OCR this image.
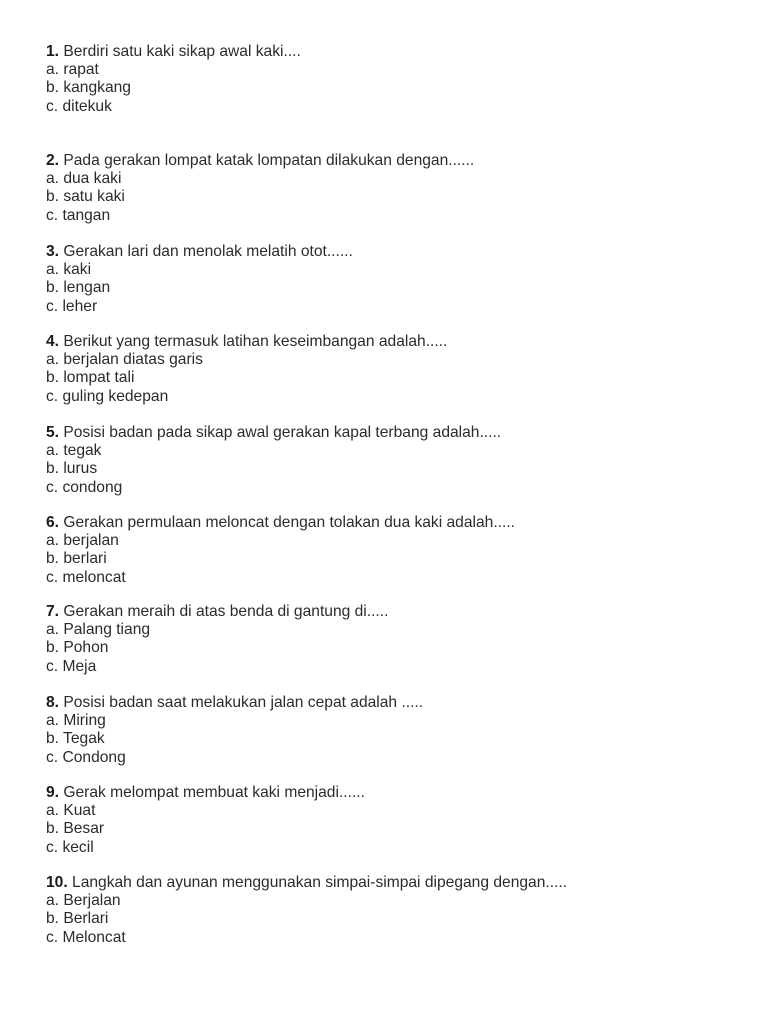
1. Berdiri satu kaki sikap awal kaki....
a. rapat
b. kangkang
c. ditekuk
2. Pada gerakan lompat katak lompatan dilakukan dengan......
a. dua kaki
b. satu kaki
c. tangan
3. Gerakan lari dan menolak melatih otot......
a. kaki
b. lengan
c. leher
4. Berikut yang termasuk latihan keseimbangan adalah.....
a. berjalan diatas garis
b. lompat tali
c. guling kedepan
5. Posisi badan pada sikap awal gerakan kapal terbang adalah.....
a. tegak
b. lurus
c. condong
6. Gerakan permulaan meloncat dengan tolakan dua kaki adalah.....
a. berjalan
b. berlari
c. meloncat
7. Gerakan meraih di atas benda di gantung di.....
a. Palang tiang
b. Pohon
c. Meja
8. Posisi badan saat melakukan jalan cepat adalah .....
a. Miring
b. Tegak
c. Condong
9. Gerak melompat membuat kaki menjadi......
a. Kuat
b. Besar
c. kecil
10. Langkah dan ayunan menggunakan simpai-simpai dipegang dengan.....
a. Berjalan
b. Berlari
c. Meloncat
